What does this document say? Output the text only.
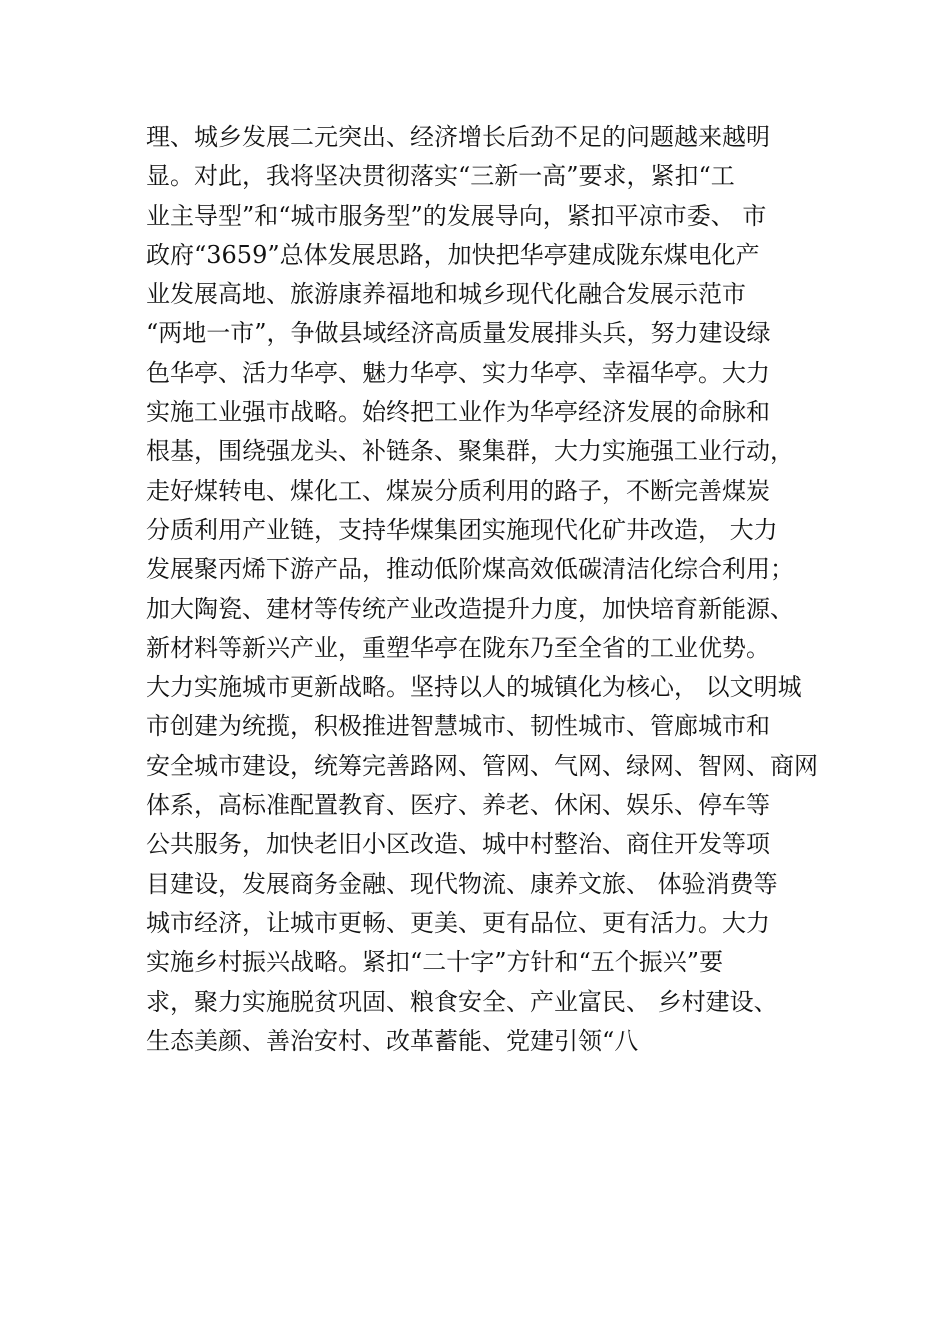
理、城乡发展二元突出、经济增长后劲不足的问题越来越明
显。对此，我将坚决贯彻落实“三新一高”要求，紧扣“工
业主导型”和“城市服务型”的发展导向，紧扣平凉市委、 市
政府“3659”总体发展思路，加快把华亭建成陇东煤电化产
业发展高地、旅游康养福地和城乡现代化融合发展示范市
“两地一市”，争做县域经济高质量发展排头兵，努力建设绿
色华亭、活力华亭、魅力华亭、实力华亭、幸福华亭。大力
实施工业强市战略。始终把工业作为华亭经济发展的命脉和
根基，围绕强龙头、补链条、聚集群，大力实施强工业行动，
走好煤转电、煤化工、煤炭分质利用的路子，不断完善煤炭
分质利用产业链，支持华煤集团实施现代化矿井改造， 大力
发展聚丙烯下游产品，推动低阶煤高效低碳清洁化综合利用；
加大陶瓷、建材等传统产业改造提升力度，加快培育新能源、
新材料等新兴产业，重塑华亭在陇东乃至全省的工业优势。
大力实施城市更新战略。坚持以人的城镇化为核心， 以文明城
市创建为统揽，积极推进智慧城市、韧性城市、管廊城市和
安全城市建设，统筹完善路网、管网、气网、绿网、智网、商网
体系，高标准配置教育、医疗、养老、休闲、娱乐、停车等
公共服务，加快老旧小区改造、城中村整治、商住开发等项
目建设，发展商务金融、现代物流、康养文旅、 体验消费等
城市经济，让城市更畅、更美、更有品位、更有活力。大力
实施乡村振兴战略。紧扣“二十字”方针和“五个振兴”要
求，聚力实施脱贫巩固、粮食安全、产业富民、 乡村建设、
生态美颜、善治安村、改革蓄能、党建引领“八
